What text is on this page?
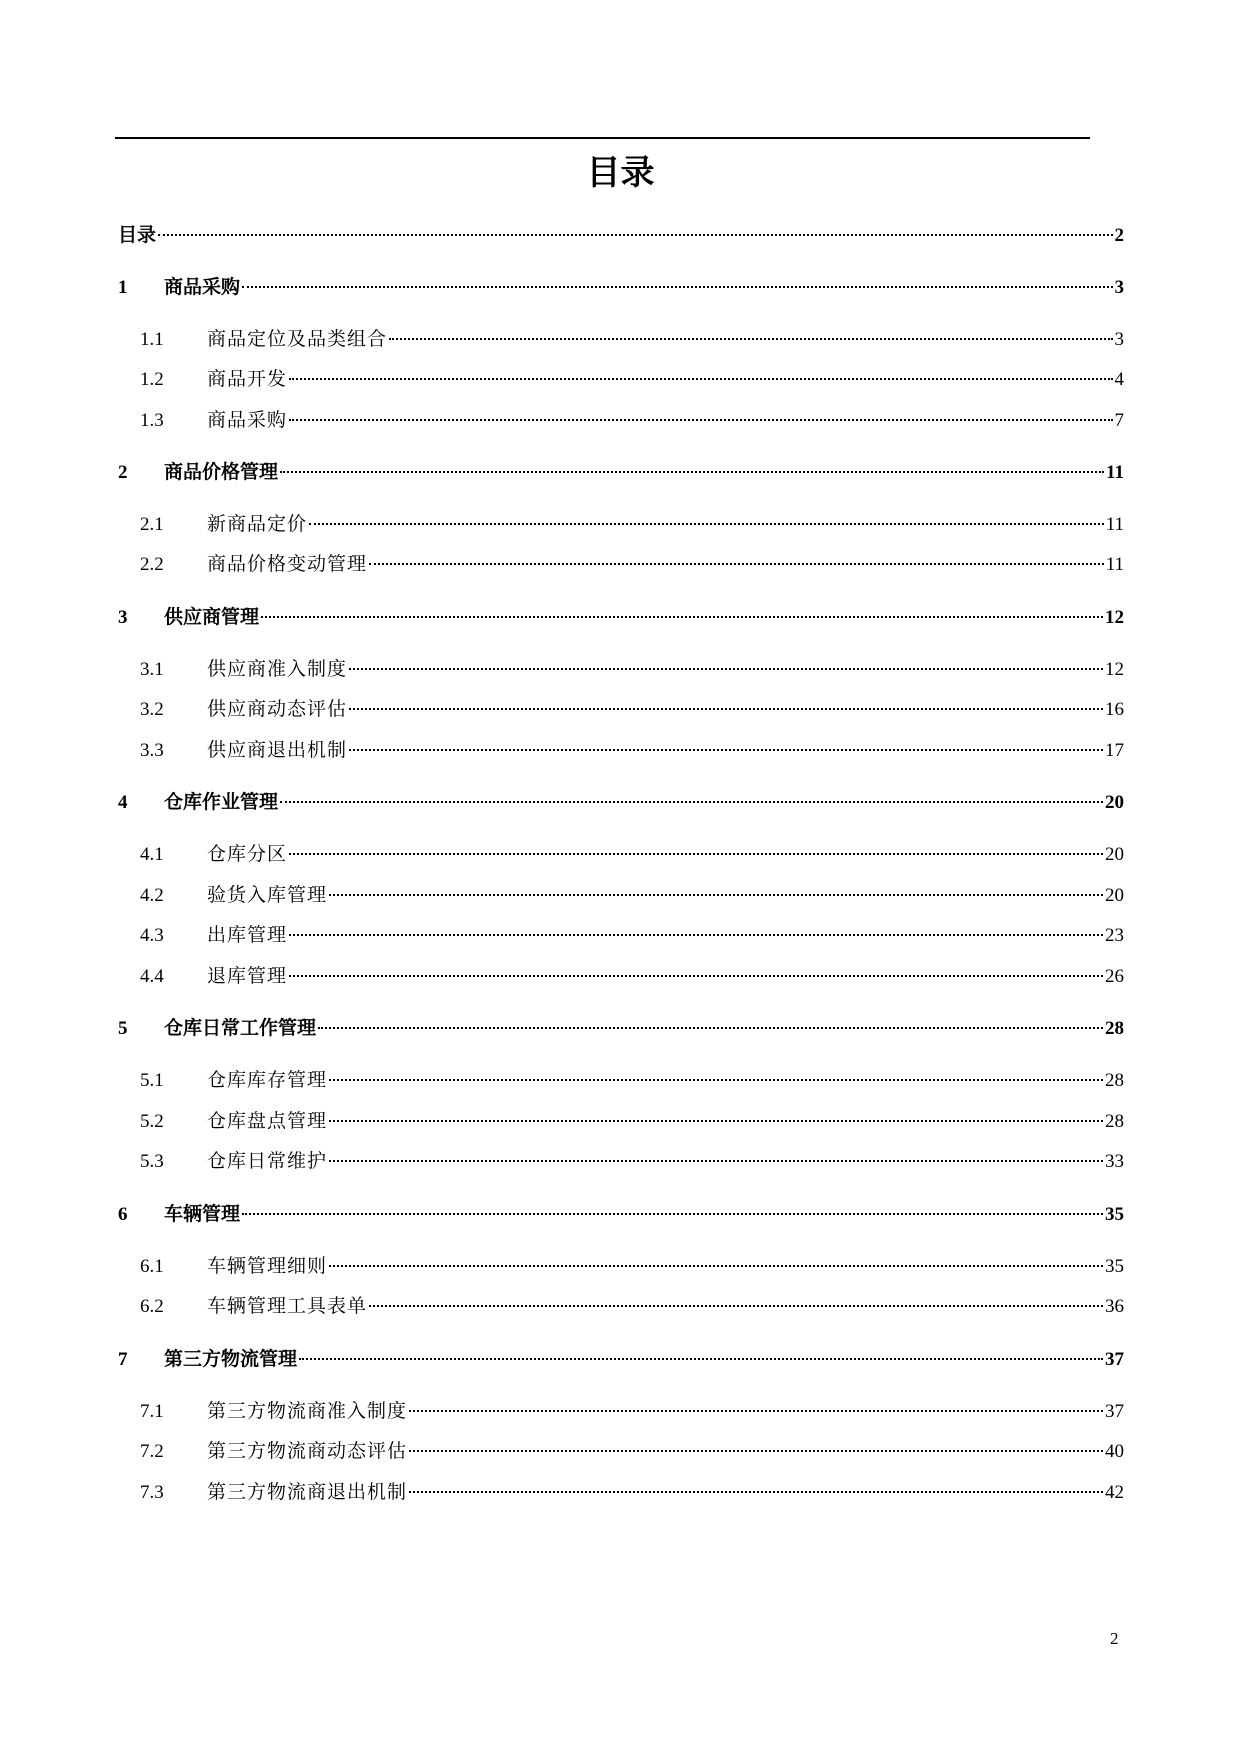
目录
目录	2
1	商品采购	3
1.1	商品定位及品类组合	3
1.2	商品开发	4
1.3	商品采购	7
2	商品价格管理	11
2.1	新商品定价	11
2.2	商品价格变动管理	11
3	供应商管理	12
3.1	供应商准入制度	12
3.2	供应商动态评估	16
3.3	供应商退出机制	17
4	仓库作业管理	20
4.1	仓库分区	20
4.2	验货入库管理	20
4.3	出库管理	23
4.4	退库管理	26
5	仓库日常工作管理	28
5.1	仓库库存管理	28
5.2	仓库盘点管理	28
5.3	仓库日常维护	33
6	车辆管理	35
6.1	车辆管理细则	35
6.2	车辆管理工具表单	36
7	第三方物流管理	37
7.1	第三方物流商准入制度	37
7.2	第三方物流商动态评估	40
7.3	第三方物流商退出机制	42
2
